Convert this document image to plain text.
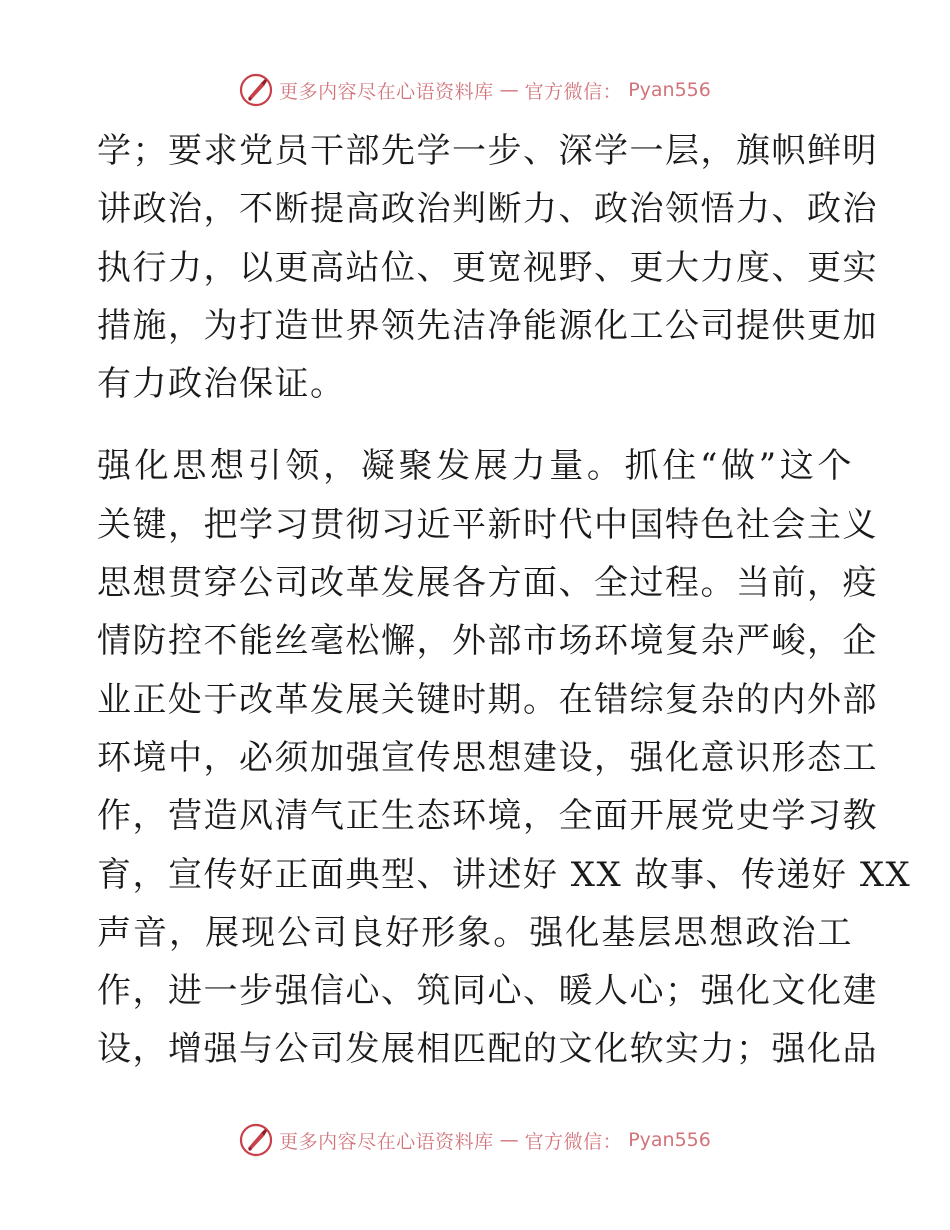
更多内容尽在心语资料库 — 官方微信： Pyan556

学；要求党员干部先学一步、深学一层，旗帜鲜明
讲政治，不断提高政治判断力、政治领悟力、政治
执行力，以更高站位、更宽视野、更大力度、更实
措施，为打造世界领先洁净能源化工公司提供更加
有力政治保证。

强化思想引领，凝聚发展力量。抓住“做”这个
关键，把学习贯彻习近平新时代中国特色社会主义
思想贯穿公司改革发展各方面、全过程。当前，疫
情防控不能丝毫松懈，外部市场环境复杂严峻，企
业正处于改革发展关键时期。在错综复杂的内外部
环境中，必须加强宣传思想建设，强化意识形态工
作，营造风清气正生态环境，全面开展党史学习教
育，宣传好正面典型、讲述好 XX 故事、传递好 XX
声音，展现公司良好形象。强化基层思想政治工
作，进一步强信心、筑同心、暖人心；强化文化建
设，增强与公司发展相匹配的文化软实力；强化品

更多内容尽在心语资料库 — 官方微信： Pyan556
